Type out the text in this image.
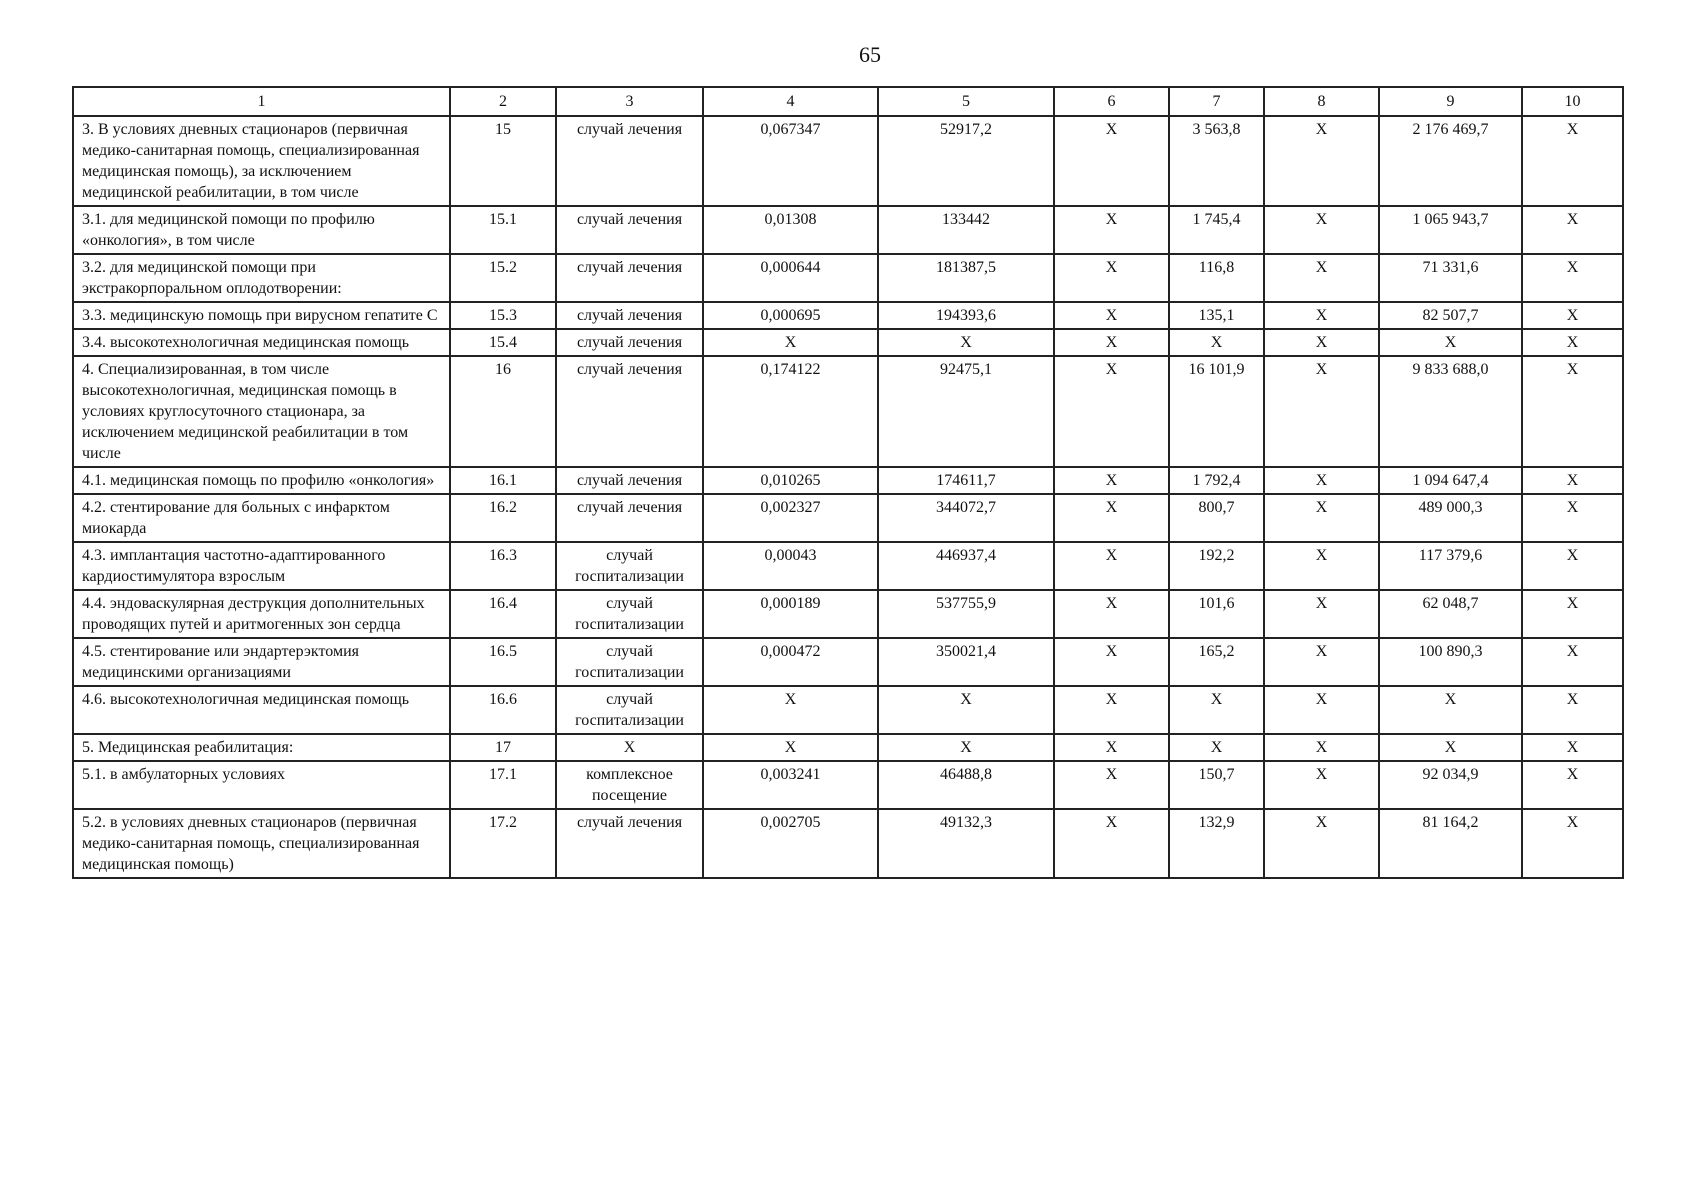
65
1	2	3	4	5	6	7	8	9	10
3. В условиях дневных стационаров (первичная медико-санитарная помощь, специализированная медицинская помощь), за исключением медицинской реабилитации, в том числе	15	случай лечения	0,067347	52917,2	Х	3 563,8	Х	2 176 469,7	Х
3.1. для медицинской помощи по профилю «онкология», в том числе	15.1	случай лечения	0,01308	133442	Х	1 745,4	Х	1 065 943,7	Х
3.2. для медицинской помощи при экстракорпоральном оплодотворении:	15.2	случай лечения	0,000644	181387,5	Х	116,8	Х	71 331,6	Х
3.3. медицинскую помощь при вирусном гепатите С	15.3	случай лечения	0,000695	194393,6	Х	135,1	Х	82 507,7	Х
3.4. высокотехнологичная медицинская помощь	15.4	случай лечения	Х	Х	Х	Х	Х	Х	Х
4. Специализированная, в том числе высокотехнологичная, медицинская помощь в условиях круглосуточного стационара, за исключением медицинской реабилитации в том числе	16	случай лечения	0,174122	92475,1	Х	16 101,9	Х	9 833 688,0	Х
4.1. медицинская помощь по профилю «онкология»	16.1	случай лечения	0,010265	174611,7	Х	1 792,4	Х	1 094 647,4	Х
4.2. стентирование для больных с инфарктом миокарда	16.2	случай лечения	0,002327	344072,7	Х	800,7	Х	489 000,3	Х
4.3. имплантация частотно-адаптированного кардиостимулятора взрослым	16.3	случай госпитализации	0,00043	446937,4	Х	192,2	Х	117 379,6	Х
4.4. эндоваскулярная деструкция дополнительных проводящих путей и аритмогенных зон сердца	16.4	случай госпитализации	0,000189	537755,9	Х	101,6	Х	62 048,7	Х
4.5. стентирование или эндартерэктомия медицинскими организациями	16.5	случай госпитализации	0,000472	350021,4	Х	165,2	Х	100 890,3	Х
4.6. высокотехнологичная медицинская помощь	16.6	случай госпитализации	Х	Х	Х	Х	Х	Х	Х
5. Медицинская реабилитация:	17	Х	Х	Х	Х	Х	Х	Х	Х
5.1. в амбулаторных условиях	17.1	комплексное посещение	0,003241	46488,8	Х	150,7	Х	92 034,9	Х
5.2. в условиях дневных стационаров (первичная медико-санитарная помощь, специализированная медицинская помощь)	17.2	случай лечения	0,002705	49132,3	Х	132,9	Х	81 164,2	Х
